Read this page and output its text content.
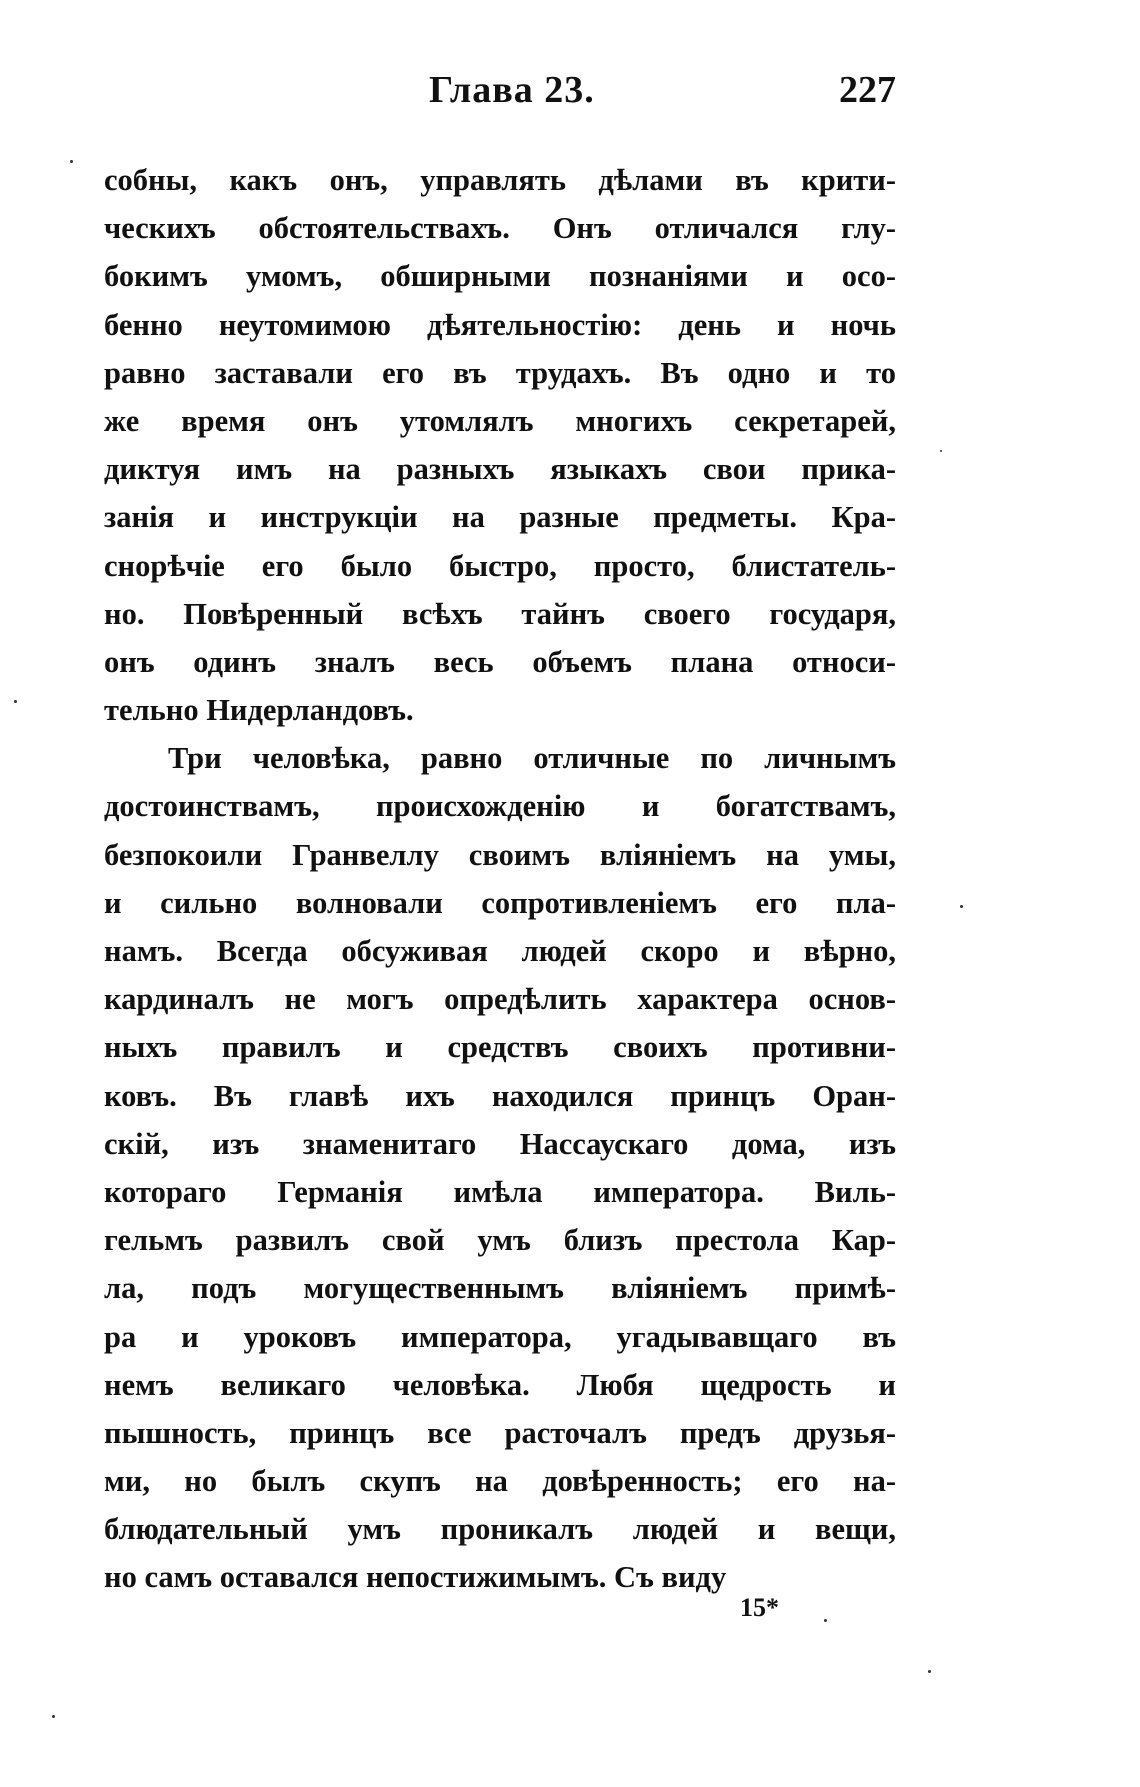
Глава 23.	227
собны, какъ онъ, управлять дѣлами въ крити-
ческихъ обстоятельствахъ. Онъ отличался глу-
бокимъ умомъ, обширными познаніями и осо-
бенно неутомимою дѣятельностію: день и ночь
равно заставали его въ трудахъ. Въ одно и то
же время онъ утомлялъ многихъ секретарей,
диктуя имъ на разныхъ языкахъ свои прика-
занія и инструкціи на разные предметы. Кра-
снорѣчіе его было быстро, просто, блистатель-
но. Повѣренный всѣхъ тайнъ своего государя,
онъ одинъ зналъ весь объемъ плана относи-
тельно Нидерландовъ.
Три человѣка, равно отличные по личнымъ
достоинствамъ, происхожденію и богатствамъ,
безпокоили Гранвеллу своимъ вліяніемъ на умы,
и сильно волновали сопротивленіемъ его пла-
намъ. Всегда обсуживая людей скоро и вѣрно,
кардиналъ не могъ опредѣлить характера основ-
ныхъ правилъ и средствъ своихъ противни-
ковъ. Въ главѣ ихъ находился принцъ Оран-
скій, изъ знаменитаго Нассаускаго дома, изъ
котораго Германія имѣла императора. Виль-
гельмъ развилъ свой умъ близъ престола Кар-
ла, подъ могущественнымъ вліяніемъ примѣ-
ра и уроковъ императора, угадывавщаго въ
немъ великаго человѣка. Любя щедрость и
пышность, принцъ все расточалъ предъ друзья-
ми, но былъ скупъ на довѣренность; его на-
блюдательный умъ проникалъ людей и вещи,
но самъ оставался непостижимымъ. Съ виду
15*
